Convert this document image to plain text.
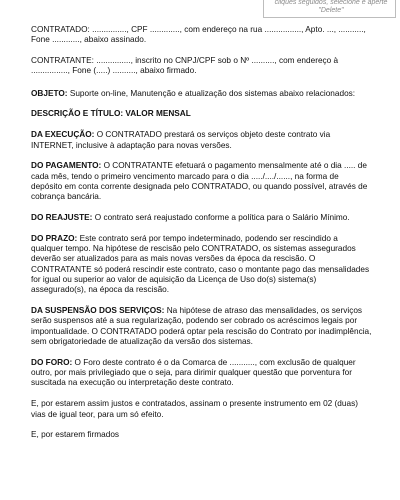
cliques seguidos, selecione e aperte "Delete"

CONTRATADO: ..............., CPF ............., com endereço na rua ................, Apto. ..., ..........., Fone ............, abaixo assinado.

CONTRATANTE: ..............., inscrito no CNPJ/CPF sob o Nº .........., com endereço à ................, Fone (.....) .........., abaixo firmado.

OBJETO: Suporte on-line, Manutenção e atualização dos sistemas abaixo relacionados:

DESCRIÇÃO E TÍTULO: VALOR MENSAL

DA EXECUÇÃO: O CONTRATADO prestará os serviços objeto deste contrato via INTERNET, inclusive à adaptação para novas versões.

DO PAGAMENTO: O CONTRATANTE efetuará o pagamento mensalmente até o dia ..... de cada mês, tendo o primeiro vencimento marcado para o dia ...../..../......, na forma de depósito em conta corrente designada pelo CONTRATADO, ou quando possível, através de cobrança bancária.

DO REAJUSTE: O contrato será reajustado conforme a política para o Salário Mínimo.

DO PRAZO: Este contrato será por tempo indeterminado, podendo ser rescindido a qualquer tempo. Na hipótese de rescisão pelo CONTRATADO, os sistemas assegurados deverão ser atualizados para as mais novas versões da época da rescisão. O CONTRATANTE só poderá rescindir este contrato, caso o montante pago das mensalidades for igual ou superior ao valor de aquisição da Licença de Uso do(s) sistema(s) assegurado(s), na época da rescisão.

DA SUSPENSÃO DOS SERVIÇOS: Na hipótese de atraso das mensalidades, os serviços serão suspensos até a sua regularização, podendo ser cobrado os acréscimos legais por impontualidade. O CONTRATADO poderá optar pela rescisão do Contrato por inadimplência, sem obrigatoriedade de atualização da versão dos sistemas.

DO FORO: O Foro deste contrato é o da Comarca de ..........., com exclusão de qualquer outro, por mais privilegiado que o seja, para dirimir qualquer questão que porventura for suscitada na execução ou interpretação deste contrato.

E, por estarem assim justos e contratados, assinam o presente instrumento em 02 (duas) vias de igual teor, para um só efeito.

E, por estarem firmados
